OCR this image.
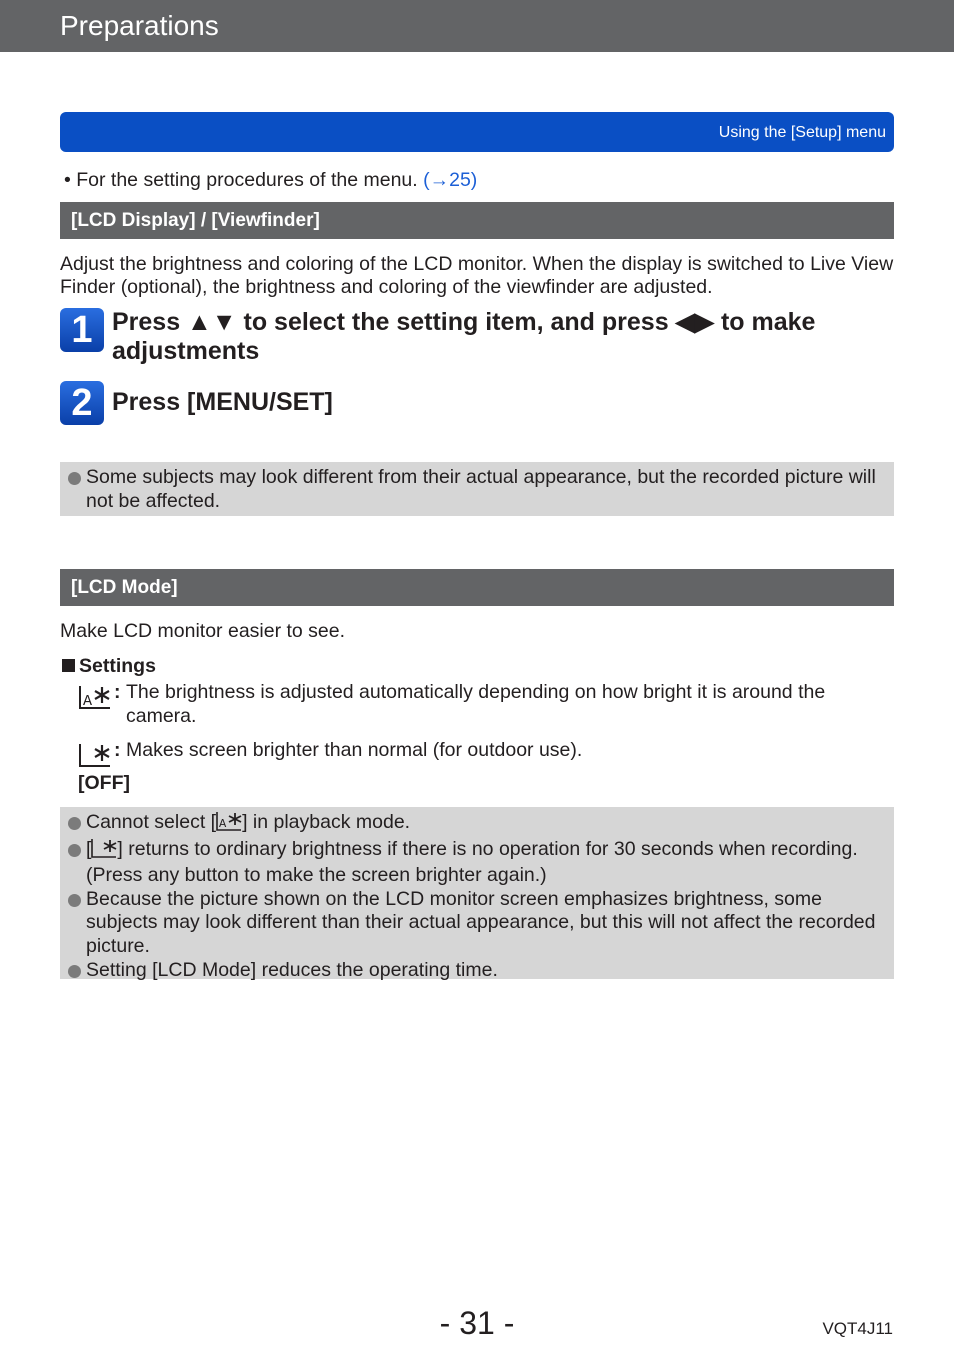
Preparations
Using the [Setup] menu
• For the setting procedures of the menu. (→25)
[LCD Display] / [Viewfinder]
Adjust the brightness and coloring of the LCD monitor. When the display is switched to Live View Finder (optional), the brightness and coloring of the viewfinder are adjusted.
1 Press ▲▼ to select the setting item, and press ◀▶ to make adjustments
2 Press [MENU/SET]
Some subjects may look different from their actual appearance, but the recorded picture will not be affected.
[LCD Mode]
Make LCD monitor easier to see.
Settings
A : The brightness is adjusted automatically depending on how bright it is around the camera.
: Makes screen brighter than normal (for outdoor use).
[OFF]
Cannot select [ A ] in playback mode.
[ ] returns to ordinary brightness if there is no operation for 30 seconds when recording. (Press any button to make the screen brighter again.)
Because the picture shown on the LCD monitor screen emphasizes brightness, some subjects may look different than their actual appearance, but this will not affect the recorded picture.
Setting [LCD Mode] reduces the operating time.
- 31 -	VQT4J11
